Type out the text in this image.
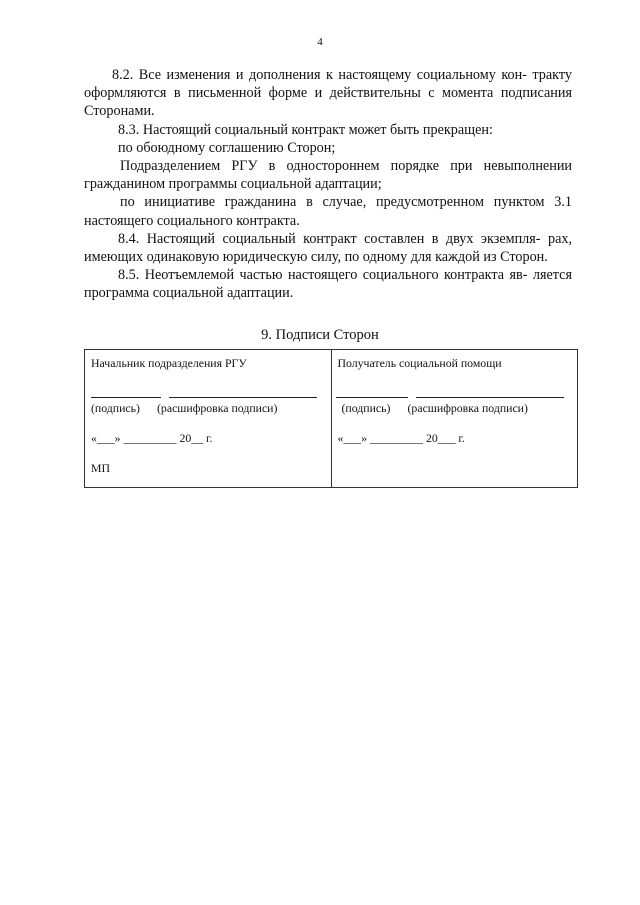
4

8.2. Все изменения и дополнения к настоящему социальному кон- тракту оформляются в письменной форме и действительны с момента подписания Сторонами.

8.3. Настоящий социальный контракт может быть прекращен:

по обоюдному соглашению Сторон;

Подразделением РГУ в одностороннем порядке при невыполнении гражданином программы социальной адаптации;

по инициативе гражданина в случае, предусмотренном пунктом 3.1 настоящего социального контракта.

8.4. Настоящий социальный контракт составлен в двух экземпля- рах, имеющих одинаковую юридическую силу, по одному для каждой из Сторон.

8.5. Неотъемлемой частью настоящего социального контракта яв- ляется программа социальной адаптации.

9. Подписи Сторон
Начальник подразделения РГУ
(подпись) (расшифровка подписи)
«___» _________ 20__ г.
МП
Получатель социальной помощи
(подпись) (расшифровка подписи)
«___» _________ 20___ г.
